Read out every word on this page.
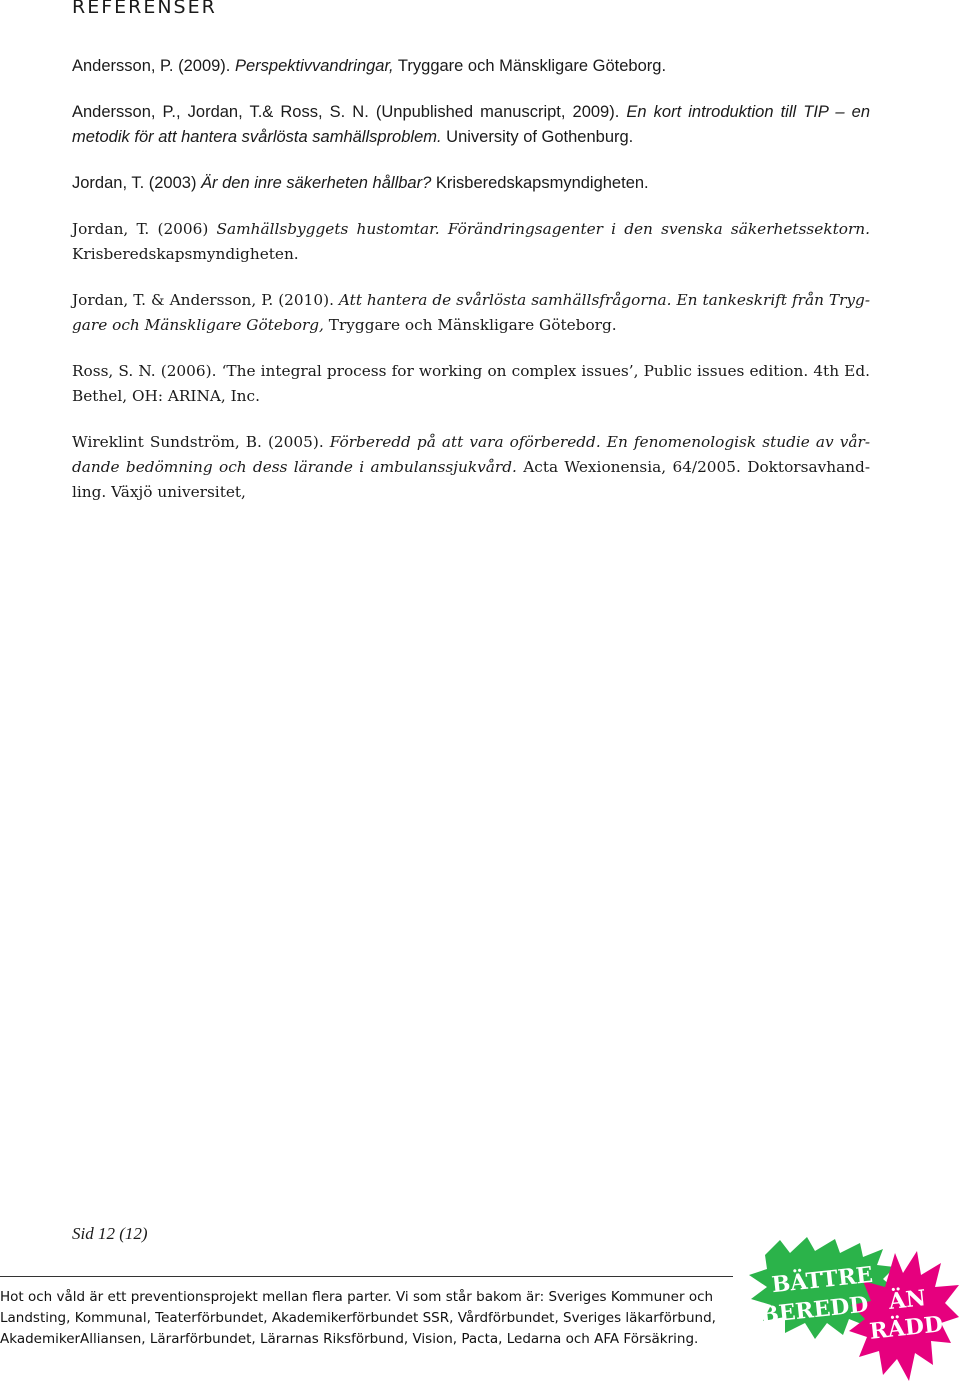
REFERENSER

Andersson, P. (2009). Perspektivvandringar, Tryggare och Mänskligare Göteborg.

Andersson, P., Jordan, T.& Ross, S. N. (Unpublished manuscript, 2009). En kort introduktion till TIP – en metodik för att hantera svårlösta samhällsproblem. University of Gothenburg.

Jordan, T. (2003) Är den inre säkerheten hållbar? Krisberedskapsmyndigheten.

Jordan, T. (2006) Samhällsbyggets hustomtar. Förändringsagenter i den svenska säkerhetssektorn. Krisberedskapsmyndigheten.

Jordan, T. & Andersson, P. (2010). Att hantera de svårlösta samhällsfrågorna. En tankeskrift från Tryggare och Mänskligare Göteborg, Tryggare och Mänskligare Göteborg.

Ross, S. N. (2006). ‘The integral process for working on complex issues’, Public issues edition. 4th Ed. Bethel, OH: ARINA, Inc.

Wireklint Sundström, B. (2005). Förberedd på att vara oförberedd. En fenomenologisk studie av vårdande bedömning och dess lärande i ambulanssjukvård. Acta Wexionensia, 64/2005. Doktorsavhandling. Växjö universitet,

Sid 12 (12)
Hot och våld är ett preventionsprojekt mellan flera parter. Vi som står bakom är: Sveriges Kommuner och
Landsting, Kommunal, Teaterförbundet, Akademikerförbundet SSR, Vårdförbundet, Sveriges läkarförbund,
AkademikerAlliansen, Lärarförbundet, Lärarnas Riksförbund, Vision, Pacta, Ledarna och AFA Försäkring.
BÄTTRE
BEREDD ÄN
RÄDD
